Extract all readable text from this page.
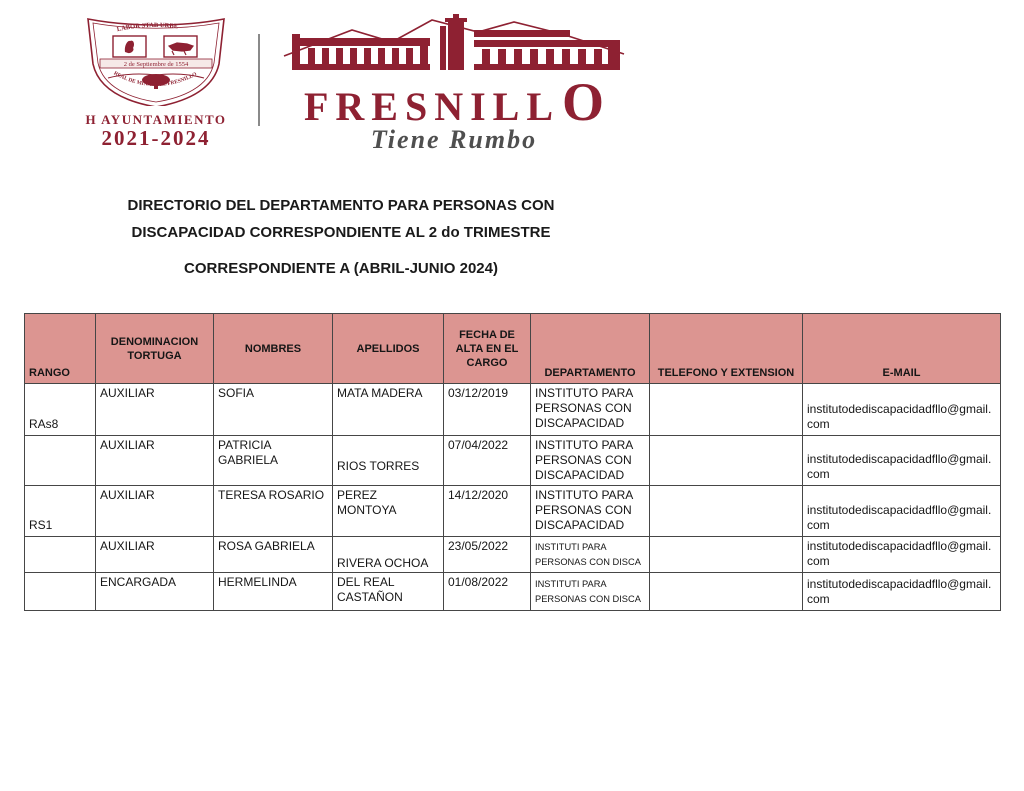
LABOR STAB URBE
2 de Septiembre de 1554
REAL DE MINAS DEL FRESNILLO
H AYUNTAMIENTO
2021-2024
FRESNILL O
Tiene Rumbo
DIRECTORIO DEL DEPARTAMENTO PARA PERSONAS CON
DISCAPACIDAD CORRESPONDIENTE AL 2 do TRIMESTRE
CORRESPONDIENTE A (ABRIL-JUNIO 2024)
RANGO	DENOMINACION TORTUGA	NOMBRES	APELLIDOS	FECHA DE ALTA EN EL CARGO	DEPARTAMENTO	TELEFONO Y EXTENSION	E-MAIL
RAs8	AUXILIAR	SOFIA	MATA MADERA	03/12/2019	INSTITUTO PARA PERSONAS CON DISCAPACIDAD		institutodediscapacidadfllo@gmail.com
	AUXILIAR	PATRICIA GABRIELA	RIOS TORRES	07/04/2022	INSTITUTO PARA PERSONAS CON DISCAPACIDAD		institutodediscapacidadfllo@gmail.com
RS1	AUXILIAR	TERESA ROSARIO	PEREZ MONTOYA	14/12/2020	INSTITUTO PARA PERSONAS CON DISCAPACIDAD		institutodediscapacidadfllo@gmail.com
	AUXILIAR	ROSA GABRIELA	RIVERA OCHOA	23/05/2022	INSTITUTI PARA PERSONAS CON DISCA		institutodediscapacidadfllo@gmail.com
	ENCARGADA	HERMELINDA	DEL REAL CASTAÑON	01/08/2022	INSTITUTI PARA PERSONAS CON DISCA		institutodediscapacidadfllo@gmail.com
